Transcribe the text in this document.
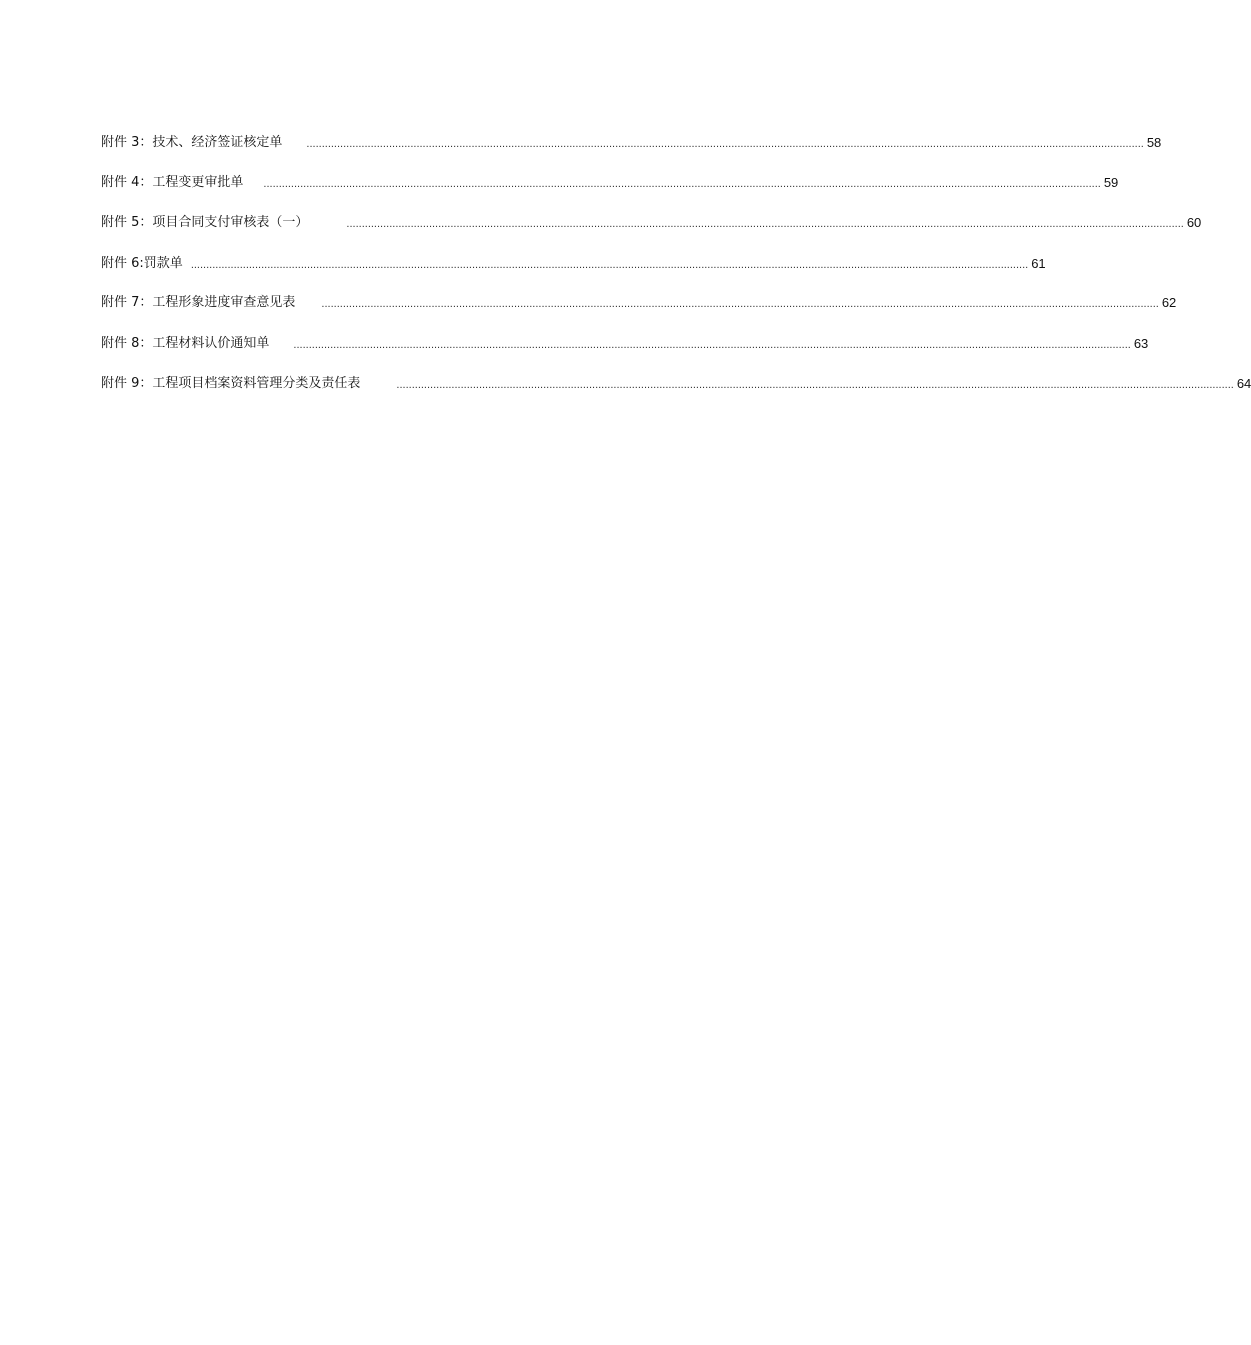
附件 3： 技术、经济签证核定单 .................................................................................................................................................................................................................................................................................. 58
附件 4： 工程变更审批单 .................................................................................................................................................................................................................................................................................. 59
附件 5： 项目合同支付审核表（一）	.................................................................................................................................................................................................................................................................................. 60
附件 6: 罚款单 .................................................................................................................................................................................................................................................................................. 61
附件 7： 工程形象进度审查意见表 .................................................................................................................................................................................................................................................................................. 62
附件 8： 工程材料认价通知单 .................................................................................................................................................................................................................................................................................. 63
附件 9： 工程项目档案资料管理分类及责任表	.................................................................................................................................................................................................................................................................................. 64
